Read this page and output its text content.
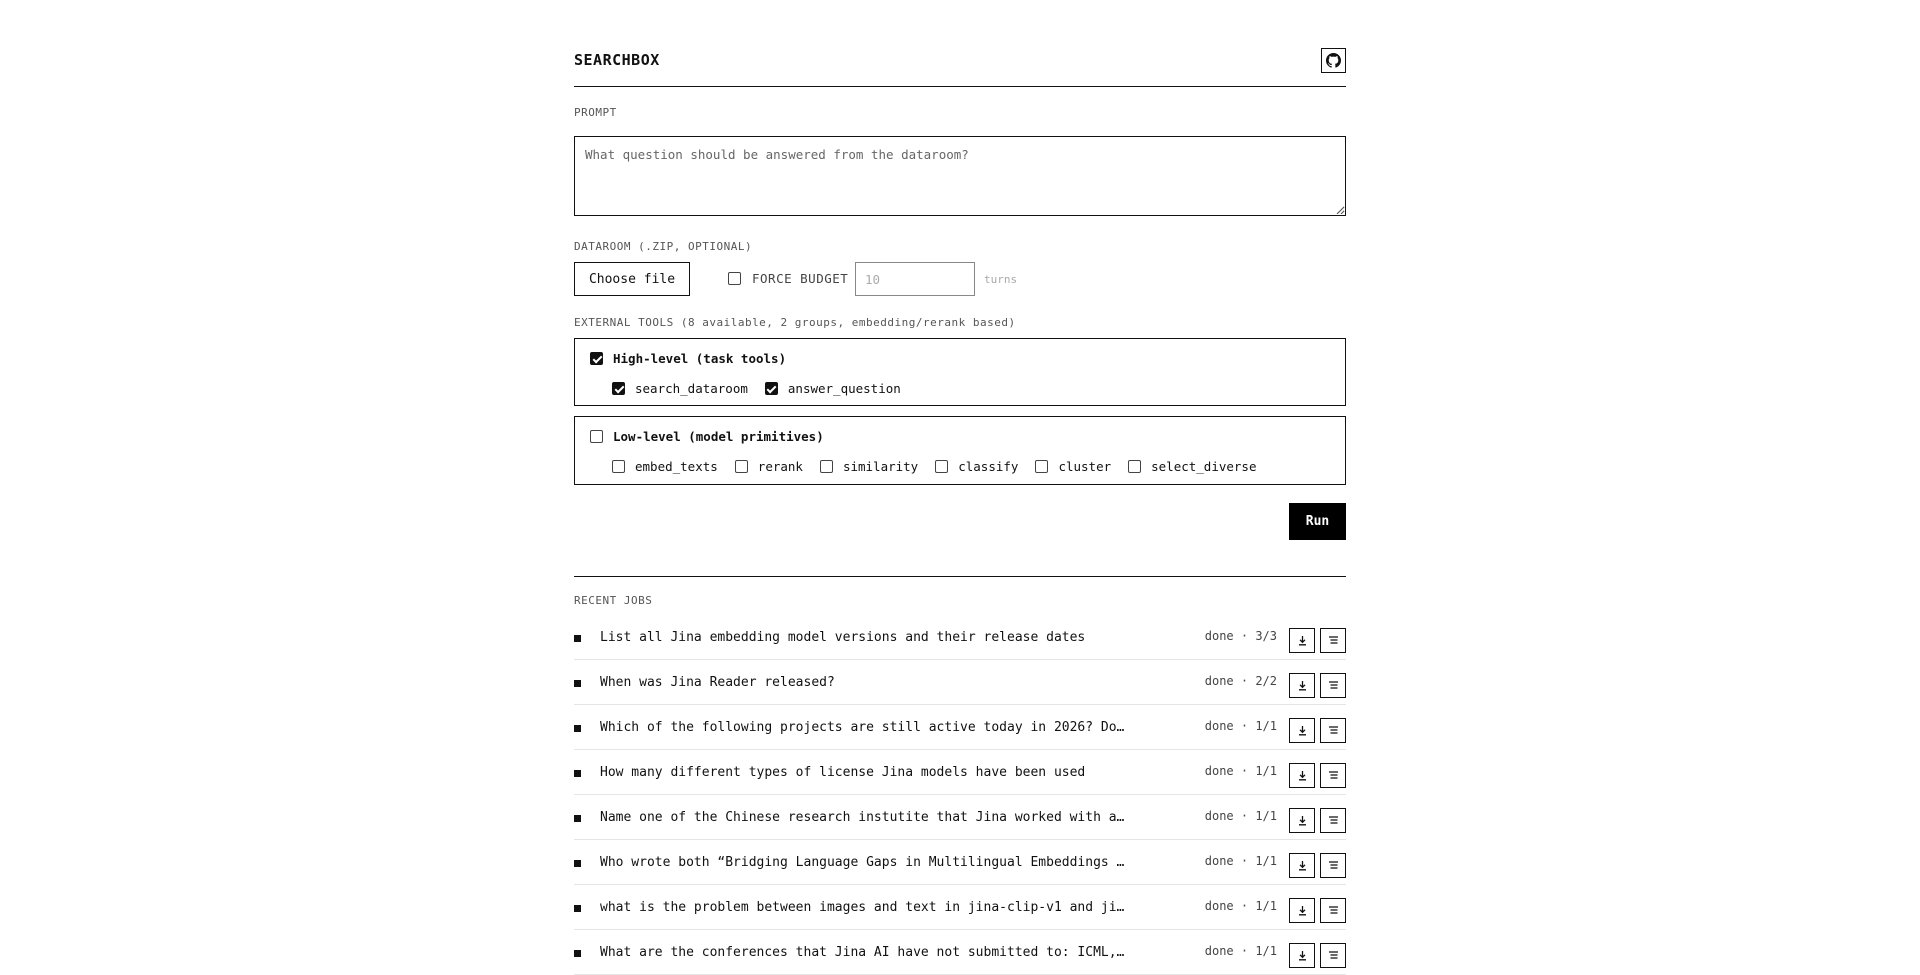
SEARCHBOX
PROMPT
What question should be answered from the dataroom?
DATAROOM (.ZIP, OPTIONAL)
Choose file	FORCE BUDGET
10	turns
EXTERNAL TOOLS (8 available, 2 groups, embedding/rerank based)
High-level (task tools)
search_dataroom	answer_question
Low-level (model primitives)
embed_texts	rerank	similarity	classify	cluster	select_diverse
Run
RECENT JOBS
List all Jina embedding model versions and their release dates	done · 3/3
When was Jina Reader released?	done · 2/2
Which of the following projects are still active today in 2026? Do…	done · 1/1
How many different types of license Jina models have been used	done · 1/1
Name one of the Chinese research instutite that Jina worked with a…	done · 1/1
Who wrote both “Bridging Language Gaps in Multilingual Embeddings …	done · 1/1
what is the problem between images and text in jina-clip-v1 and ji…	done · 1/1
What are the conferences that Jina AI have not submitted to: ICML,…	done · 1/1
